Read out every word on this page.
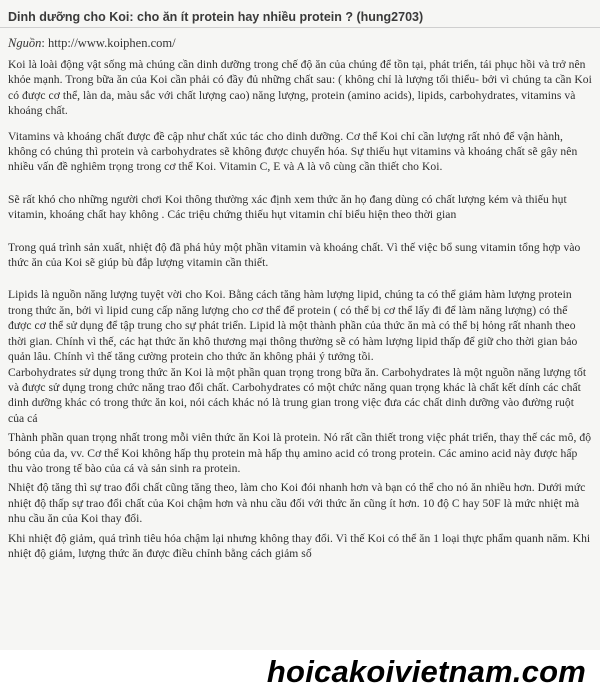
Dinh dưỡng cho Koi: cho ăn ít protein hay nhiều protein ? (hung2703)
Nguồn: http://www.koiphen.com/

Koi là loài động vật sống mà chúng cần dinh dưỡng trong chế độ ăn của chúng để tồn tại, phát triển, tái phục hồi và trở nên khỏe mạnh. Trong bữa ăn của Koi cần phải có đầy đủ những chất sau: ( không chỉ là lượng tối thiểu- bởi vì chúng ta cần Koi có được cơ thể, làn da, màu sắc với chất lượng cao) năng lượng, protein (amino acids), lipids, carbohydrates, vitamins và khoáng chất.

Vitamins và khoáng chất được đề cập như chất xúc tác cho dinh dưỡng. Cơ thể Koi chỉ cần lượng rất nhỏ để vận hành, không có chúng thì protein và carbohydrates sẽ không được chuyển hóa. Sự thiếu hụt vitamins và khoáng chất sẽ gây nên nhiều vấn đề nghiêm trọng trong cơ thể Koi. Vitamin C, E và A là vô cùng cần thiết cho Koi.

Sẽ rất khó cho những người chơi Koi thông thường xác định xem thức ăn họ đang dùng có chất lượng kém và thiếu hụt vitamin, khoáng chất hay không . Các triệu chứng thiếu hụt vitamin chỉ biểu hiện theo thời gian

Trong quá trình sản xuất, nhiệt độ đã phá hủy một phần vitamin và khoáng chất. Vì thế việc bổ sung vitamin tổng hợp vào thức ăn của Koi sẽ giúp bù đắp lượng vitamin cần thiết.

Lipids là nguồn năng lượng tuyệt vời cho Koi. Bằng cách tăng hàm lượng lipid, chúng ta có thể giảm hàm lượng protein trong thức ăn, bởi vì lipid cung cấp năng lượng cho cơ thể để protein ( có thể bị cơ thể lấy đi để làm năng lượng) có thể được cơ thể sử dụng để tập trung cho sự phát triển. Lipid là một thành phần của thức ăn mà có thể bị hỏng rất nhanh theo thời gian. Chính vì thế, các hạt thức ăn khô thương mại thông thường sẽ có hàm lượng lipid thấp để giữ cho thời gian bảo quản lâu. Chính vì thế tăng cường protein cho thức ăn không phải ý tưởng tồi.

Carbohydrates sử dụng trong thức ăn Koi là một phần quan trọng trong bữa ăn. Carbohydrates là một nguồn năng lượng tốt và được sử dụng trong chức năng trao đổi chất. Carbohydrates có một chức năng quan trọng khác là chất kết dính các chất dinh dưỡng khác có trong thức ăn koi, nói cách khác nó là trung gian trong việc đưa các chất dinh dưỡng vào đường ruột của cá

Thành phần quan trọng nhất trong mỗi viên thức ăn Koi là protein. Nó rất cần thiết trong việc phát triển, thay thế các mô, độ bóng của da, vv. Cơ thể Koi không hấp thụ protein mà hấp thụ amino acid có trong protein. Các amino acid này được hấp thu vào trong tế bào của cá và sản sinh ra protein.

Nhiệt độ tăng thì sự trao đổi chất cũng tăng theo, làm cho Koi đói nhanh hơn và bạn có thể cho nó ăn nhiều hơn. Dưới mức nhiệt độ thấp sự trao đổi chất của Koi chậm hơn và nhu cầu đối với thức ăn cũng ít hơn. 10 độ C hay 50F là mức nhiệt mà nhu cầu ăn của Koi thay đổi.

Khi nhiệt độ giảm, quá trình tiêu hóa chậm lại nhưng không thay đổi. Vì thế Koi có thể ăn 1 loại thực phẩm quanh năm. Khi nhiệt độ giảm, lượng thức ăn được điều chỉnh bằng cách giảm số

hoicakoivietnam.com
